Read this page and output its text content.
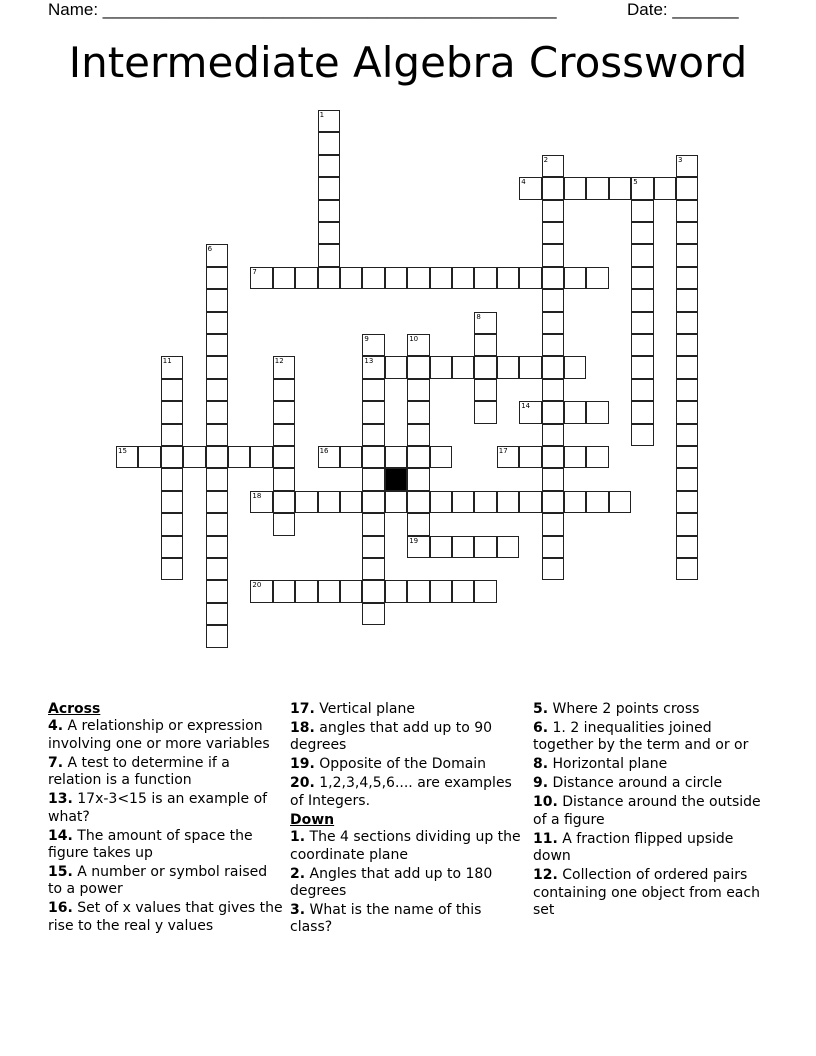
Name: ________________________________________________	Date: _______
Intermediate Algebra Crossword
1
2	3
4	5
6
7
8
9
13
10
11	12
14
15	16	17
18
19
20
Across
4. A relationship or expression involving one or more variables
7. A test to determine if a relation is a function
13. 17x-3<15 is an example of what?
14. The amount of space the figure takes up
15. A number or symbol raised to a power
16. Set of x values that gives the rise to the real y values
17. Vertical plane
18. angles that add up to 90 degrees
19. Opposite of the Domain
20. 1,2,3,4,5,6.... are examples of Integers.
Down
1. The 4 sections dividing up the coordinate plane
2. Angles that add up to 180 degrees
3. What is the name of this class?
5. Where 2 points cross
6. 1. 2 inequalities joined together by the term and or or
8. Horizontal plane
9. Distance around a circle
10. Distance around the outside of a figure
11. A fraction flipped upside down
12. Collection of ordered pairs containing one object from each set
